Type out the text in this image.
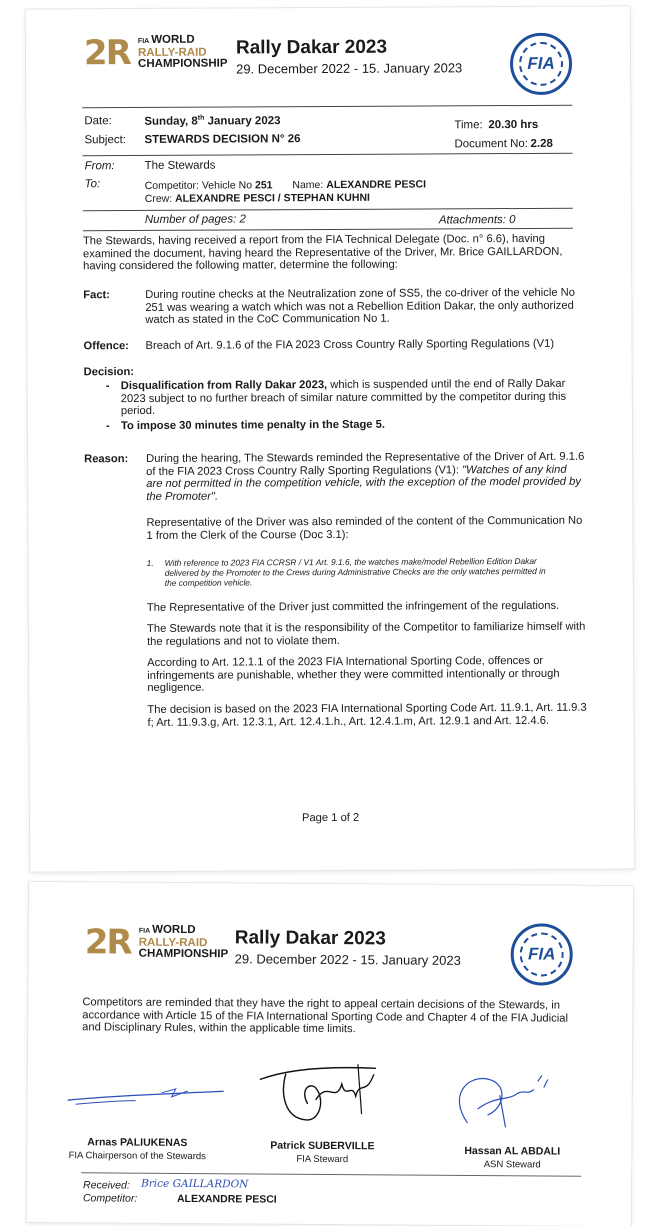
2R FIA WORLD
RALLY-RAID
CHAMPIONSHIP
Rally Dakar 2023
29. December 2022 - 15. January 2023	FIA
Date:	Sunday, 8th January 2023	Time: 20.30 hrs
Subject: STEWARDS DECISION N° 26	Document No: 2.28
From:	The Stewards
To:	Competitor: Vehicle No 251 Name: ALEXANDRE PESCI
Crew: ALEXANDRE PESCI / STEPHAN KUHNI
Number of pages: 2	Attachments: 0
The Stewards, having received a report from the FIA Technical Delegate (Doc. n° 6.6), having
examined the document, having heard the Representative of the Driver, Mr. Brice GAILLARDON,
having considered the following matter, determine the following:
Fact:	During routine checks at the Neutralization zone of SS5, the co-driver of the vehicle No
251 was wearing a watch which was not a Rebellion Edition Dakar, the only authorized
watch as stated in the CoC Communication No 1.
Offence: Breach of Art. 9.1.6 of the FIA 2023 Cross Country Rally Sporting Regulations (V1)
Decision:
- Disqualification from Rally Dakar 2023, which is suspended until the end of Rally Dakar
2023 subject to no further breach of similar nature committed by the competitor during this
period.
- To impose 30 minutes time penalty in the Stage 5.
Reason: During the hearing, The Stewards reminded the Representative of the Driver of Art. 9.1.6
of the FIA 2023 Cross Country Rally Sporting Regulations (V1): "Watches of any kind
are not permitted in the competition vehicle, with the exception of the model provided by
the Promoter".
Representative of the Driver was also reminded of the content of the Communication No
1 from the Clerk of the Course (Doc 3.1):
1. With reference to 2023 FIA CCRSR / V1 Art. 9.1.6, the watches make/model Rebellion Edition Dakar
delivered by the Promoter to the Crews during Administrative Checks are the only watches permitted in
the competition vehicle.
The Representative of the Driver just committed the infringement of the regulations.
The Stewards note that it is the responsibility of the Competitor to familiarize himself with
the regulations and not to violate them.
According to Art. 12.1.1 of the 2023 FIA International Sporting Code, offences or
infringements are punishable, whether they were committed intentionally or through
negligence.
The decision is based on the 2023 FIA International Sporting Code Art. 11.9.1, Art. 11.9.3
f; Art. 11.9.3.g, Art. 12.3.1, Art. 12.4.1.h., Art. 12.4.1.m, Art. 12.9.1 and Art. 12.4.6.
Page 1 of 2
2R FIA WORLD
RALLY-RAID
CHAMPIONSHIP
Rally Dakar 2023
29. December 2022 - 15. January 2023	FIA
Competitors are reminded that they have the right to appeal certain decisions of the Stewards, in
accordance with Article 15 of the FIA International Sporting Code and Chapter 4 of the FIA Judicial
and Disciplinary Rules, within the applicable time limits.
Arnas PALIUKENAS
FIA Chairperson of the Stewards
Patrick SUBERVILLE
FIA Steward
Hassan AL ABDALI
ASN Steward
Received: Brice GAILLARDON
Competitor:	ALEXANDRE PESCI
